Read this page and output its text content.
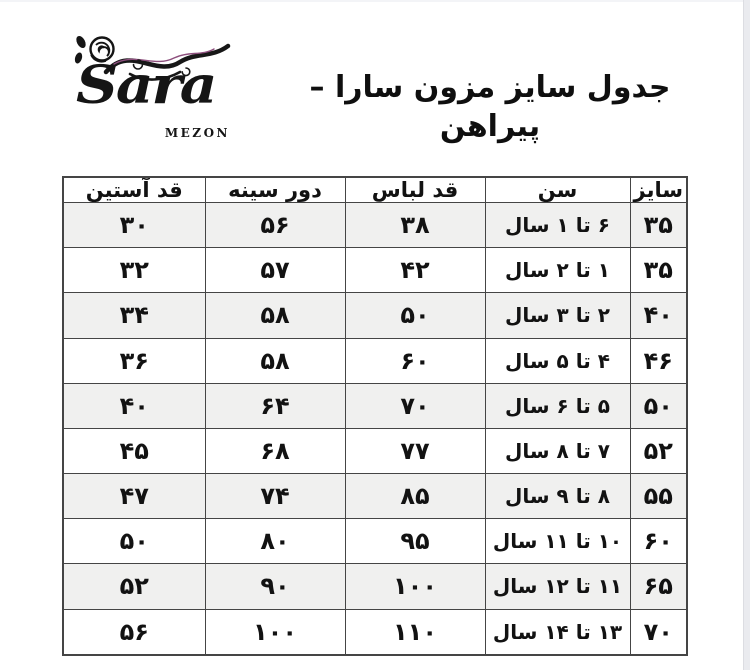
Sara
MEZON
جدول سایز مزون سارا – پیراهن
سایز	سن	قد لباس	دور سینه	قد آستین
۳۵	۶ تا ۱ سال	۳۸	۵۶	۳۰
۳۵	۱ تا ۲ سال	۴۲	۵۷	۳۲
۴۰	۲ تا ۳ سال	۵۰	۵۸	۳۴
۴۶	۴ تا ۵ سال	۶۰	۵۸	۳۶
۵۰	۵ تا ۶ سال	۷۰	۶۴	۴۰
۵۲	۷ تا ۸ سال	۷۷	۶۸	۴۵
۵۵	۸ تا ۹ سال	۸۵	۷۴	۴۷
۶۰	۱۰ تا ۱۱ سال	۹۵	۸۰	۵۰
۶۵	۱۱ تا ۱۲ سال	۱۰۰	۹۰	۵۲
۷۰	۱۳ تا ۱۴ سال	۱۱۰	۱۰۰	۵۶
